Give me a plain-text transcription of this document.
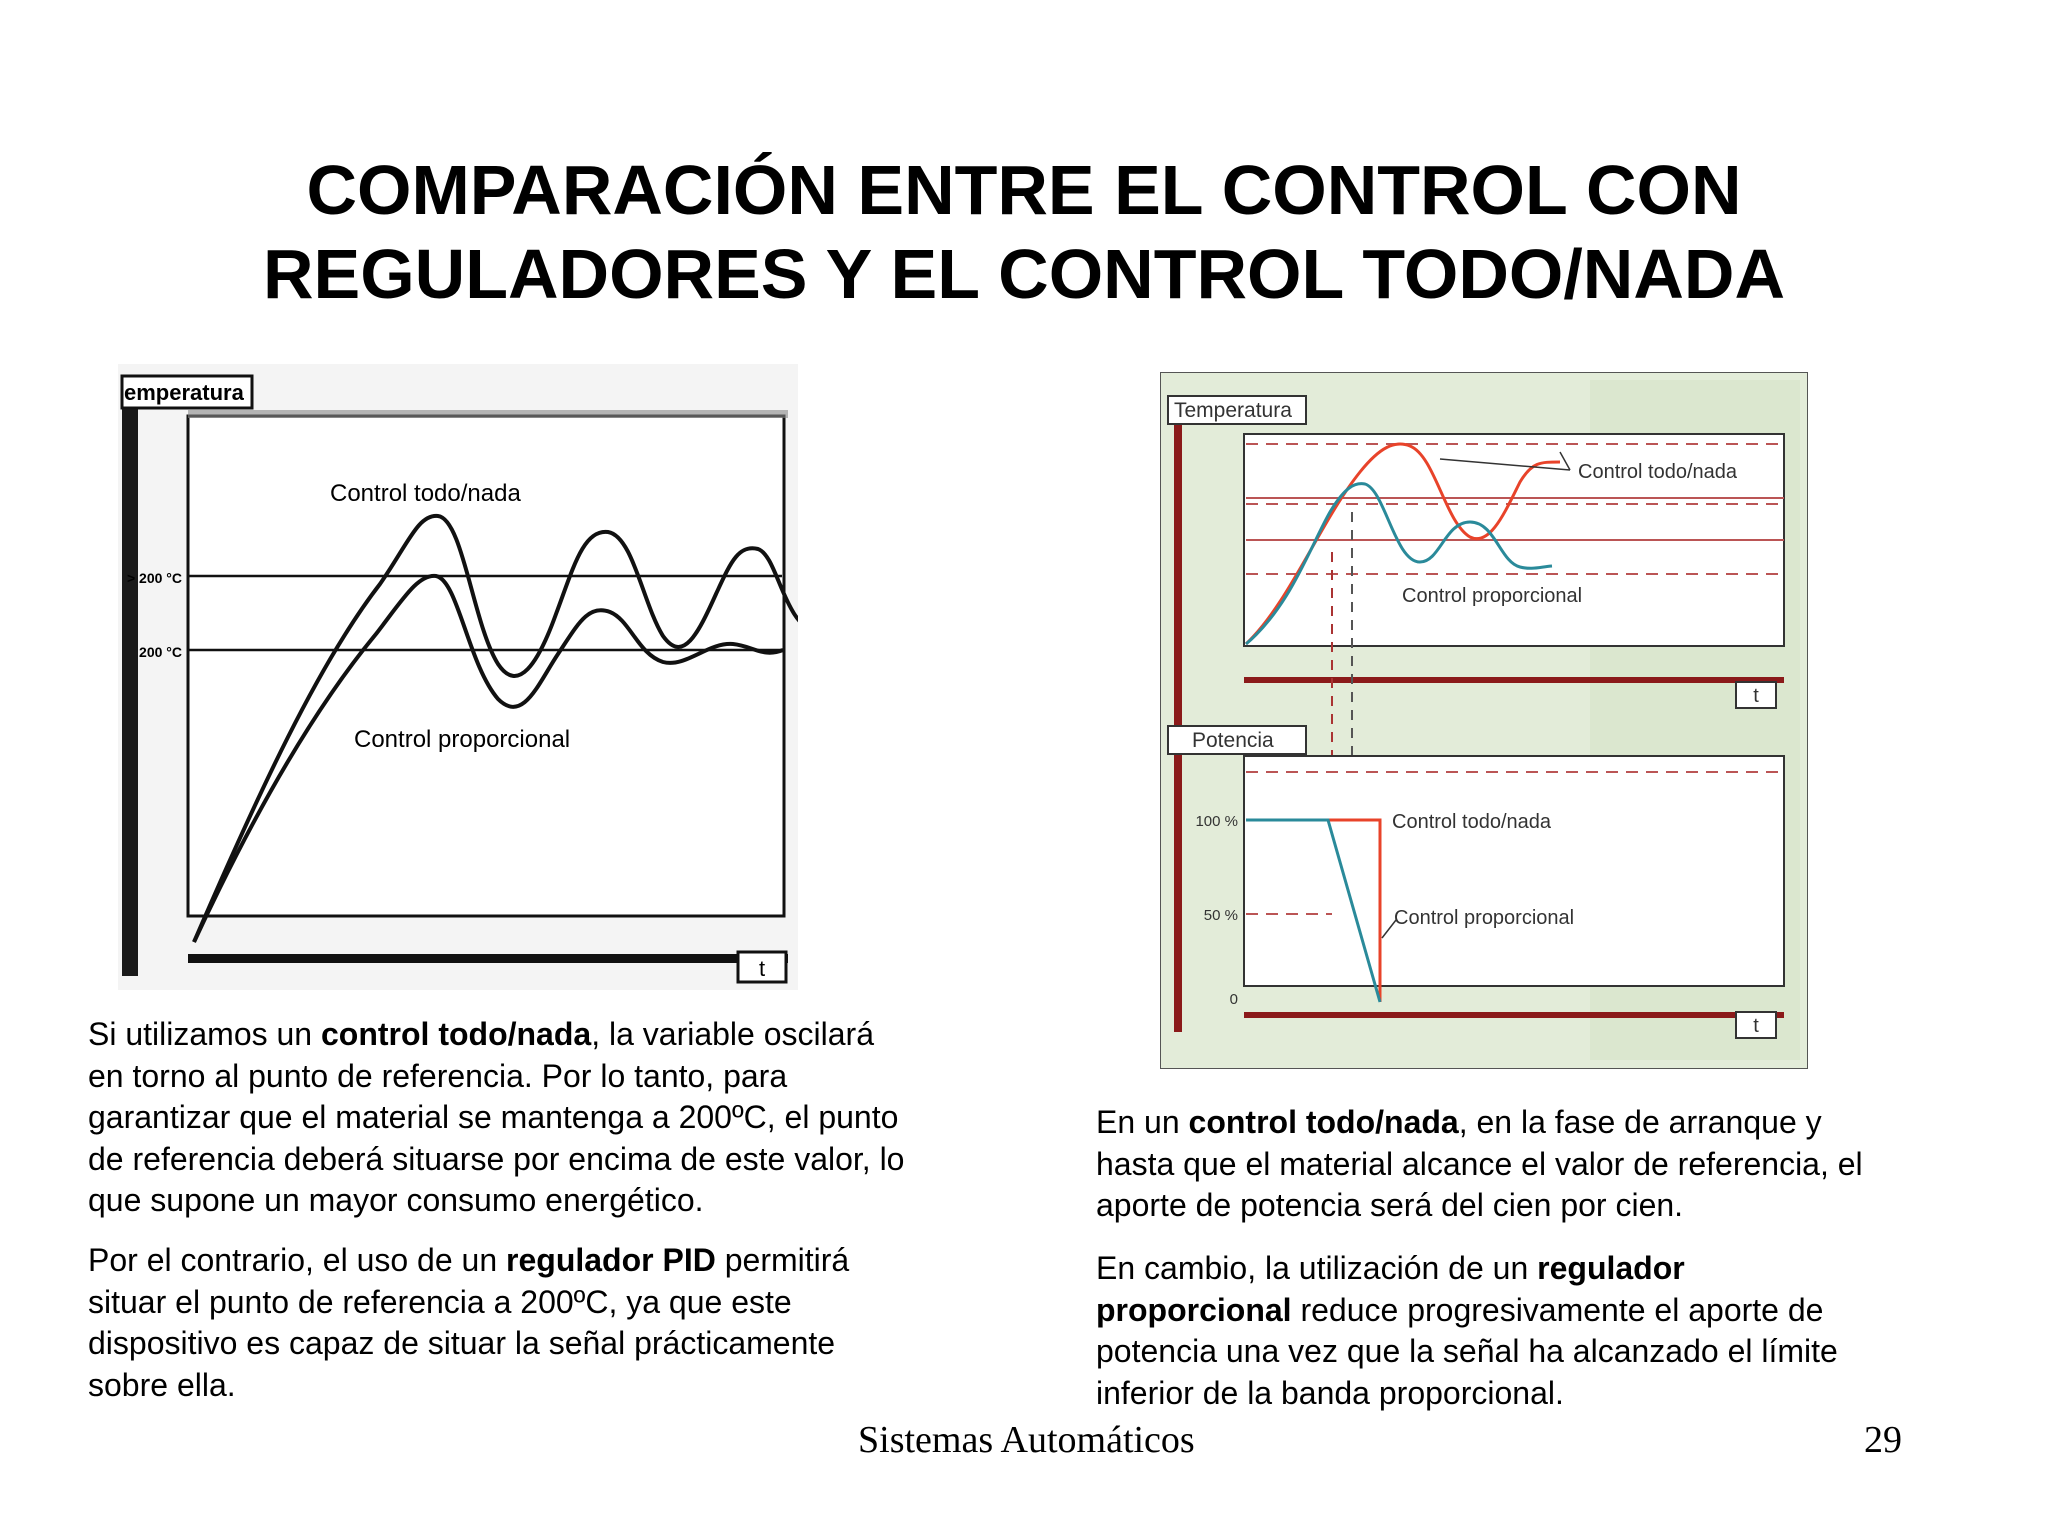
COMPARACIÓN ENTRE EL CONTROL CON
REGULADORES Y EL CONTROL TODO/NADA
emperatura
t
> 200 °C
200 °C
Control todo/nada
Control proporcional
Temperatura
t
Control todo/nada
Control proporcional
Potencia
t
100 %
50 %
0
Control todo/nada
Control proporcional
Si utilizamos un control todo/nada, la variable oscilará
en torno al punto de referencia. Por lo tanto, para
garantizar que el material se mantenga a 200ºC, el punto
de referencia deberá situarse por encima de este valor, lo
que supone un mayor consumo energético.
Por el contrario, el uso de un regulador PID permitirá
situar el punto de referencia a 200ºC, ya que este
dispositivo es capaz de situar la señal prácticamente
sobre ella.
En un control todo/nada, en la fase de arranque y
hasta que el material alcance el valor de referencia, el
aporte de potencia será del cien por cien.
En cambio, la utilización de un regulador
proporcional reduce progresivamente el aporte de
potencia una vez que la señal ha alcanzado el límite
inferior de la banda proporcional.
Sistemas Automáticos	29
